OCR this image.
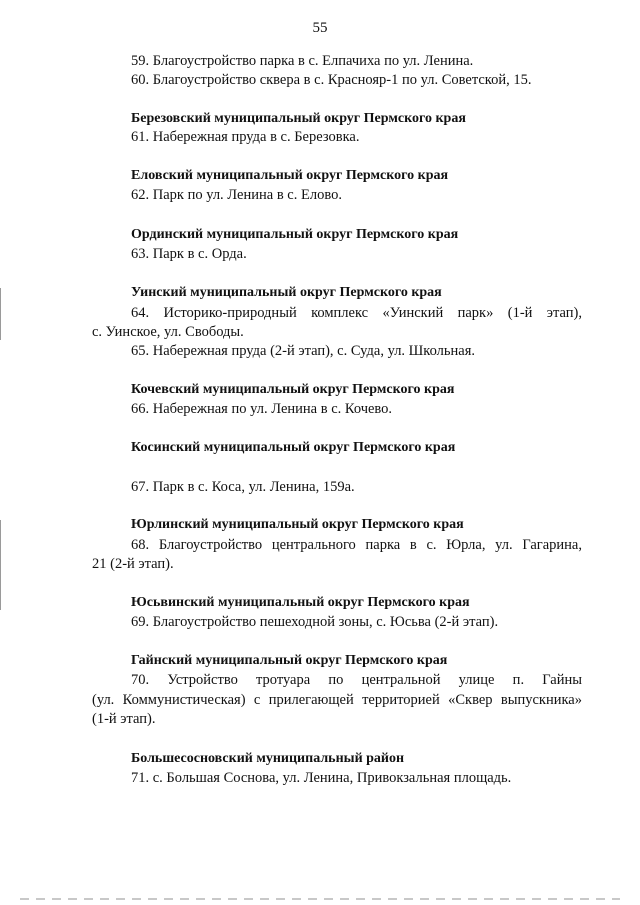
55
59. Благоустройство парка в с. Елпачиха по ул. Ленина.
60. Благоустройство сквера в с. Краснояр-1 по ул. Советской, 15.
Березовский муниципальный округ Пермского края
61. Набережная пруда в с. Березовка.
Еловский муниципальный округ Пермского края
62. Парк по ул. Ленина в с. Елово.
Ординский муниципальный округ Пермского края
63. Парк в с. Орда.
Уинский муниципальный округ Пермского края
64. Историко-природный комплекс «Уинский парк» (1-й этап),
с. Уинское, ул. Свободы.
65. Набережная пруда (2-й этап), с. Суда, ул. Школьная.
Кочевский муниципальный округ Пермского края
66. Набережная по ул. Ленина в с. Кочево.
Косинский муниципальный округ Пермского края
67. Парк в с. Коса, ул. Ленина, 159а.
Юрлинский муниципальный округ Пермского края
68. Благоустройство центрального парка в с. Юрла, ул. Гагарина,
21 (2-й этап).
Юсьвинский муниципальный округ Пермского края
69. Благоустройство пешеходной зоны, с. Юсьва (2-й этап).
Гайнский муниципальный округ Пермского края
70. Устройство тротуара по центральной улице п. Гайны
(ул. Коммунистическая) с прилегающей территорией «Сквер выпускника»
(1-й этап).
Большесосновский муниципальный район
71. с. Большая Соснова, ул. Ленина, Привокзальная площадь.
